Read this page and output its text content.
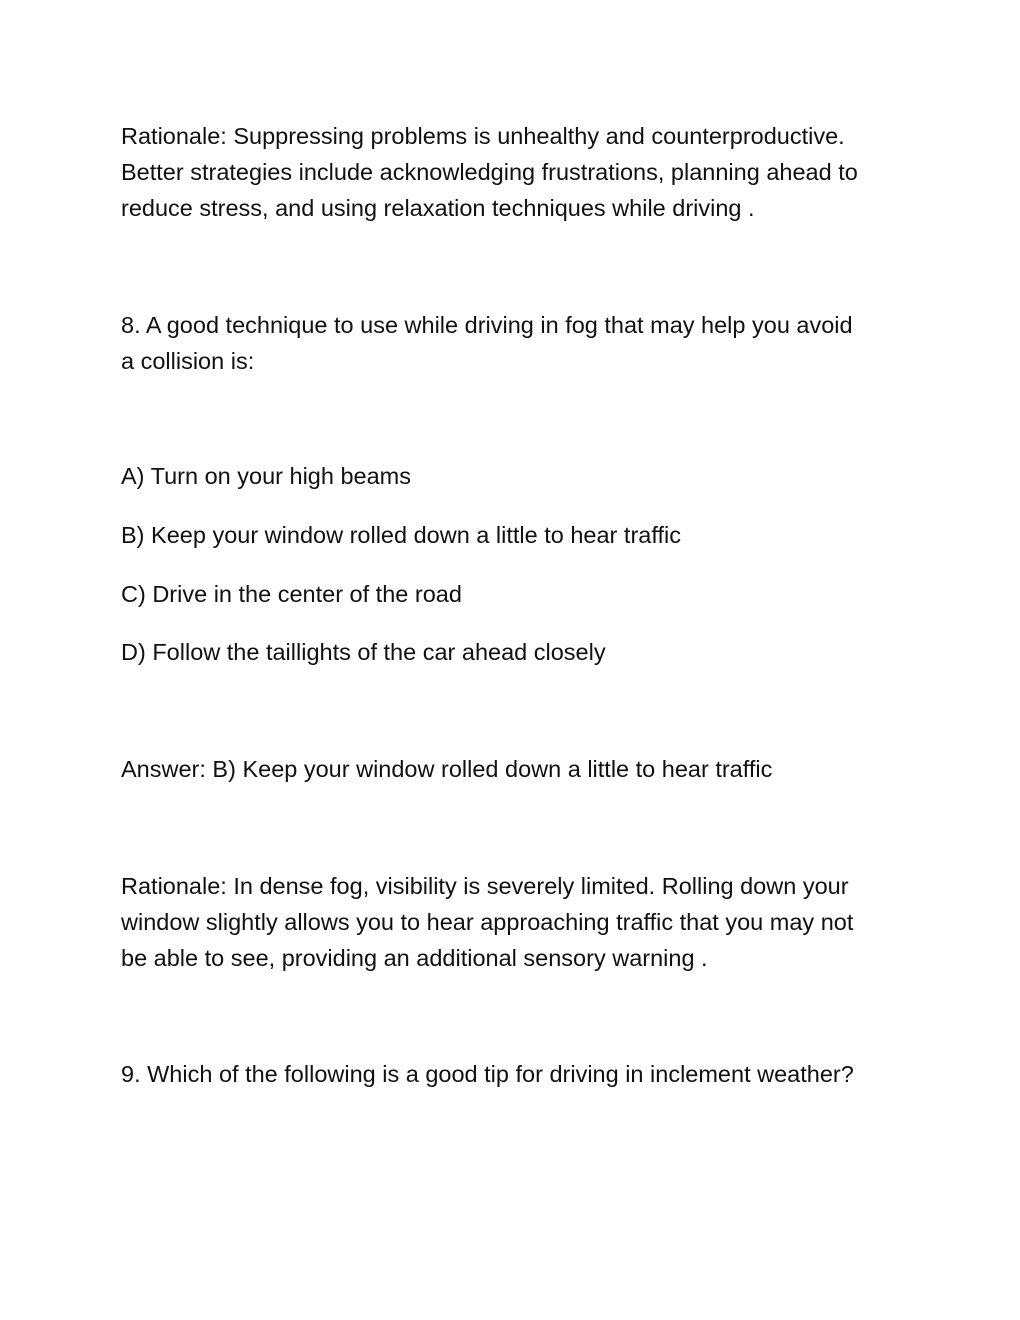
Rationale: Suppressing problems is unhealthy and counterproductive.
Better strategies include acknowledging frustrations, planning ahead to
reduce stress, and using relaxation techniques while driving .

8. A good technique to use while driving in fog that may help you avoid
a collision is:

A) Turn on your high beams

B) Keep your window rolled down a little to hear traffic

C) Drive in the center of the road

D) Follow the taillights of the car ahead closely

Answer: B) Keep your window rolled down a little to hear traffic

Rationale: In dense fog, visibility is severely limited. Rolling down your
window slightly allows you to hear approaching traffic that you may not
be able to see, providing an additional sensory warning .

9. Which of the following is a good tip for driving in inclement weather?
